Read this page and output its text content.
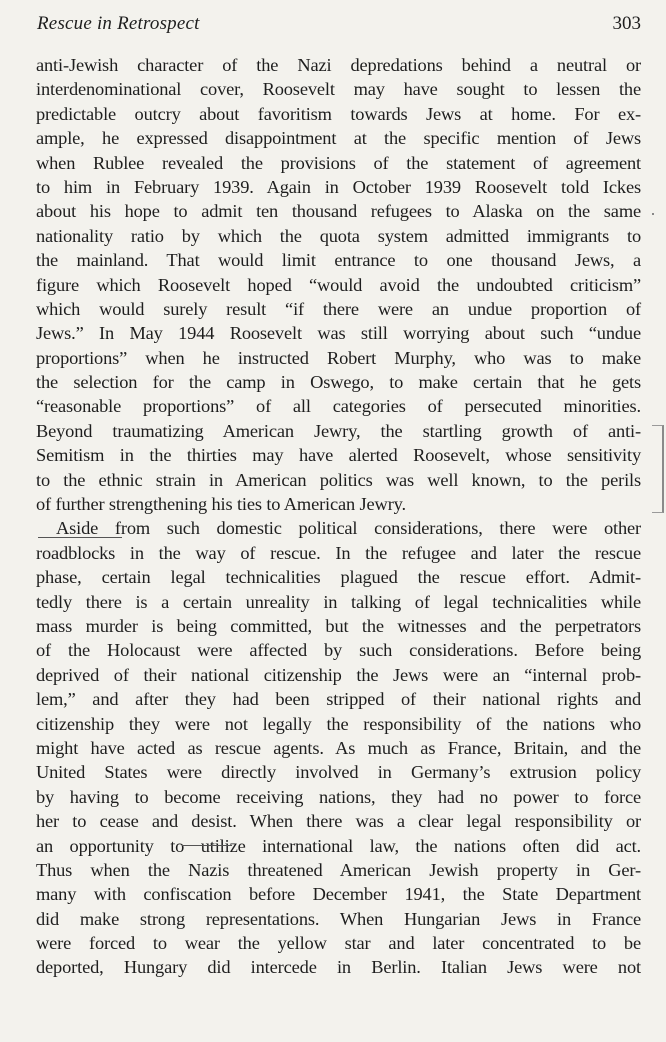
Rescue in Retrospect	303
anti-Jewish character of the Nazi depredations behind a neutral or
interdenominational cover, Roosevelt may have sought to lessen the
predictable outcry about favoritism towards Jews at home. For ex-
ample, he expressed disappointment at the specific mention of Jews
when Rublee revealed the provisions of the statement of agreement
to him in February 1939. Again in October 1939 Roosevelt told Ickes
about his hope to admit ten thousand refugees to Alaska on the same
nationality ratio by which the quota system admitted immigrants to
the mainland. That would limit entrance to one thousand Jews, a
figure which Roosevelt hoped “would avoid the undoubted criticism”
which would surely result “if there were an undue proportion of
Jews.” In May 1944 Roosevelt was still worrying about such “undue
proportions” when he instructed Robert Murphy, who was to make
the selection for the camp in Oswego, to make certain that he gets
“reasonable proportions” of all categories of persecuted minorities.
Beyond traumatizing American Jewry, the startling growth of anti-
Semitism in the thirties may have alerted Roosevelt, whose sensitivity
to the ethnic strain in American politics was well known, to the perils
of further strengthening his ties to American Jewry.
Aside from such domestic political considerations, there were other
roadblocks in the way of rescue. In the refugee and later the rescue
phase, certain legal technicalities plagued the rescue effort. Admit-
tedly there is a certain unreality in talking of legal technicalities while
mass murder is being committed, but the witnesses and the perpetrators
of the Holocaust were affected by such considerations. Before being
deprived of their national citizenship the Jews were an “internal prob-
lem,” and after they had been stripped of their national rights and
citizenship they were not legally the responsibility of the nations who
might have acted as rescue agents. As much as France, Britain, and the
United States were directly involved in Germany’s extrusion policy
by having to become receiving nations, they had no power to force
her to cease and desist. When there was a clear legal responsibility or
an opportunity to utilize international law, the nations often did act.
Thus when the Nazis threatened American Jewish property in Ger-
many with confiscation before December 1941, the State Department
did make strong representations. When Hungarian Jews in France
were forced to wear the yellow star and later concentrated to be
deported, Hungary did intercede in Berlin. Italian Jews were not
